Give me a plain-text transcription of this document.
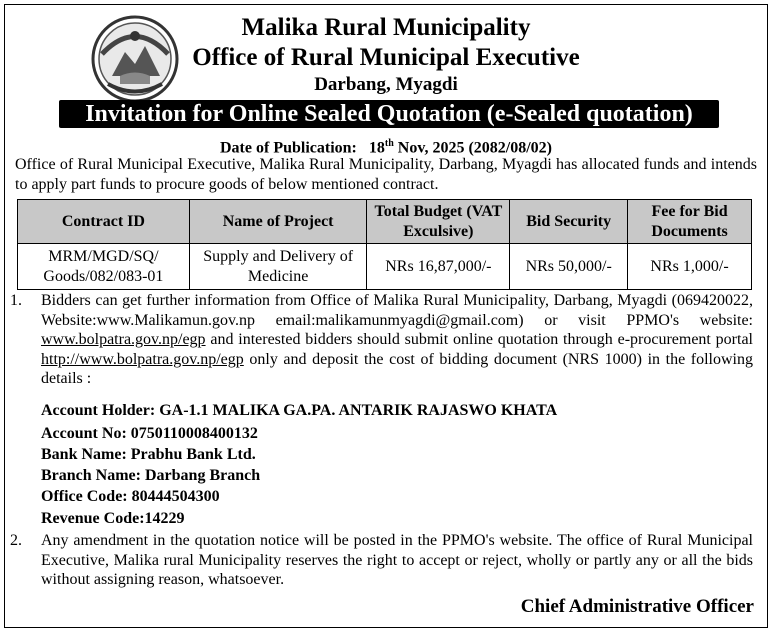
Malika Rural Municipality
Office of Rural Municipal Executive
Darbang, Myagdi
Invitation for Online Sealed Quotation (e-Sealed quotation)
Date of Publication: 18th Nov, 2025 (2082/08/02)

Office of Rural Municipal Executive, Malika Rural Municipality, Darbang, Myagdi has allocated funds and intends to apply part funds to procure goods of below mentioned contract.

Contract ID	Name of Project	Total Budget (VAT Exculsive)	Bid Security	Fee for Bid Documents
MRM/MGD/SQ/ Goods/082/083-01	Supply and Delivery of Medicine	NRs 16,87,000/-	NRs 50,000/-	NRs 1,000/-
1. Bidders can get further information from Office of Malika Rural Municipality, Darbang, Myagdi (069420022, Website:www.Malikamun.gov.np email:malikamunmyagdi@gmail.com) or visit PPMO's website: www.bolpatra.gov.np/egp and interested bidders should submit online quotation through e-procurement portal http://www.bolpatra.gov.np/egp only and deposit the cost of bidding document (NRS 1000) in the following details :

Account Holder: GA-1.1 MALIKA GA.PA. ANTARIK RAJASWO KHATA
Account No: 0750110008400132
Bank Name: Prabhu Bank Ltd.
Branch Name: Darbang Branch
Office Code: 80444504300
Revenue Code:14229
2. Any amendment in the quotation notice will be posted in the PPMO's website. The office of Rural Municipal Executive, Malika rural Municipality reserves the right to accept or reject, wholly or partly any or all the bids without assigning reason, whatsoever.

Chief Administrative Officer
